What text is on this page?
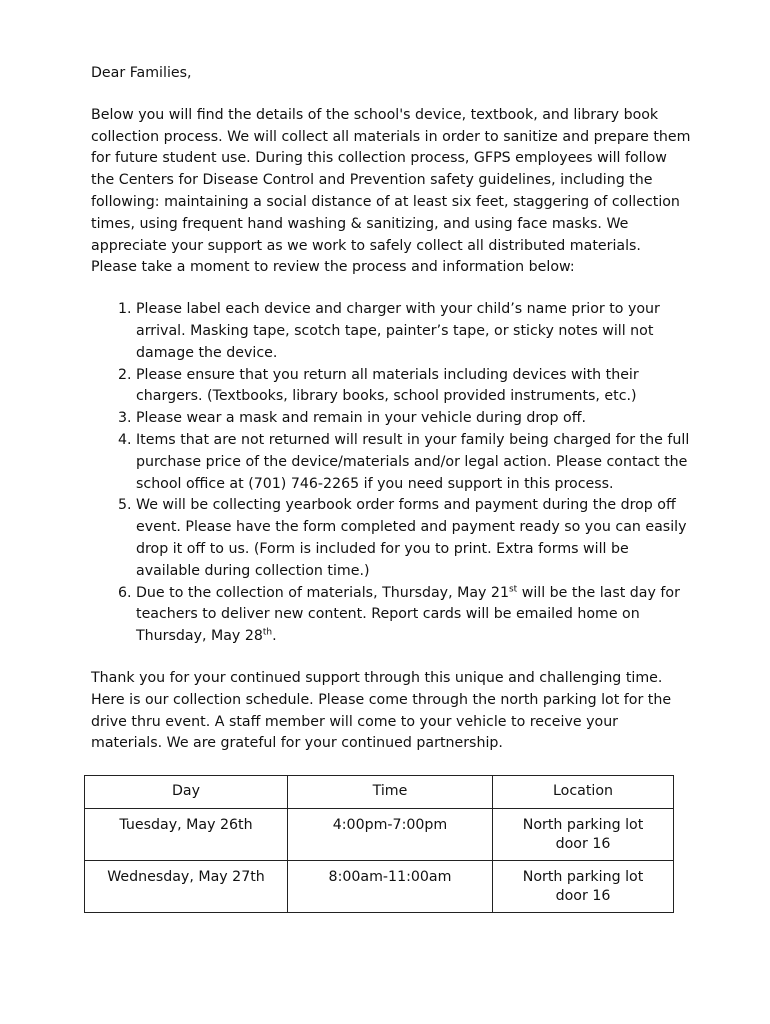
Dear Families,

Below you will find the details of the school's device, textbook, and library book collection process. We will collect all materials in order to sanitize and prepare them for future student use. During this collection process, GFPS employees will follow the Centers for Disease Control and Prevention safety guidelines, including the following: maintaining a social distance of at least six feet, staggering of collection times, using frequent hand washing & sanitizing, and using face masks. We appreciate your support as we work to safely collect all distributed materials. Please take a moment to review the process and information below:

1. Please label each device and charger with your child’s name prior to your arrival. Masking tape, scotch tape, painter’s tape, or sticky notes will not damage the device.
2. Please ensure that you return all materials including devices with their chargers. (Textbooks, library books, school provided instruments, etc.)
3. Please wear a mask and remain in your vehicle during drop off.
4. Items that are not returned will result in your family being charged for the full purchase price of the device/materials and/or legal action. Please contact the school office at (701) 746-2265 if you need support in this process.
5. We will be collecting yearbook order forms and payment during the drop off event. Please have the form completed and payment ready so you can easily drop it off to us. (Form is included for you to print. Extra forms will be available during collection time.)
6. Due to the collection of materials, Thursday, May 21st will be the last day for teachers to deliver new content. Report cards will be emailed home on Thursday, May 28th.

Thank you for your continued support through this unique and challenging time. Here is our collection schedule. Please come through the north parking lot for the drive thru event. A staff member will come to your vehicle to receive your materials. We are grateful for your continued partnership.

Day	Time	Location
Tuesday, May 26th	4:00pm-7:00pm	North parking lot
door 16
Wednesday, May 27th	8:00am-11:00am	North parking lot
door 16
